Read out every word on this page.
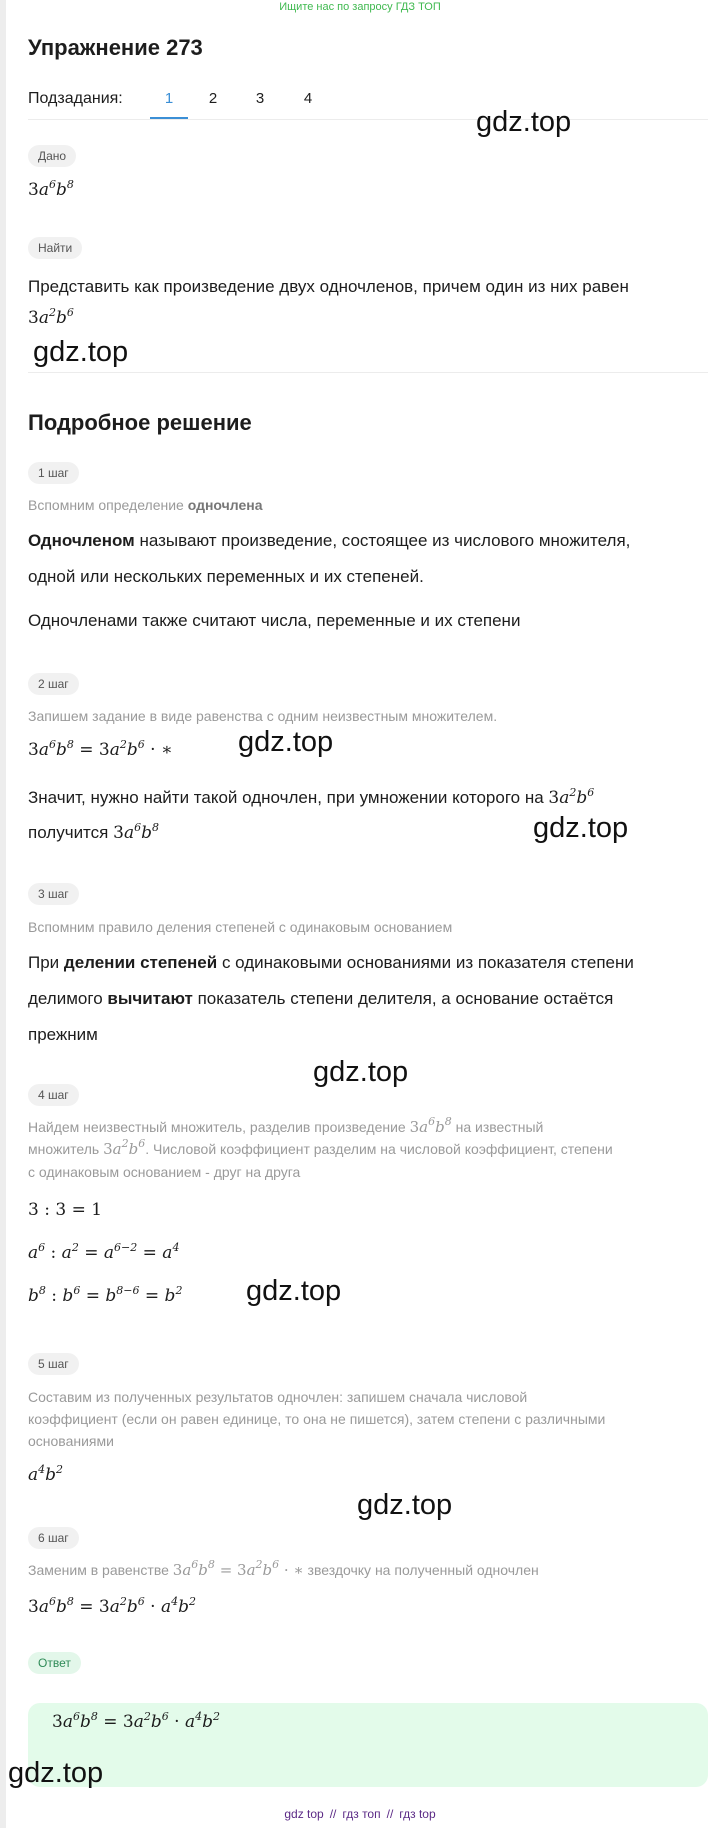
Ищите нас по запросу ГДЗ ТОП
Упражнение 273
Подзадания:	1	2	3	4
gdz.top
Дано
$3a^6b^8$
Найти
Представить как произведение двух одночленов, причем один из них равен
$3a^2b^6$
gdz.top
Подробное решение
1 шаг
Вспомним определение одночлена
Одночленом называют произведение, состоящее из числового множителя,
одной или нескольких переменных и их степеней.
Одночленами также считают числа, переменные и их степени
2 шаг
Запишем задание в виде равенства с одним неизвестным множителем.
$3a^6b^8 = 3a^2b^6$ · ∗ gdz.top
Значит, нужно найти такой одночлен, при умножении которого на $3a^2b^6$
получится $3a^6b^8$	gdz.top
3 шаг
Вспомним правило деления степеней с одинаковым основанием
При делении степеней с одинаковыми основаниями из показателя степени
делимого вычитают показатель степени делителя, а основание остаётся
прежним
gdz.top
4 шаг
Найдем неизвестный множитель, разделив произведение $3a^6b^8$ на известный
множитель $3a^2b^6$. Числовой коэффициент разделим на числовой коэффициент, степени
с одинаковым основанием - друг на друга
3 : 3 = 1
$a^6$ : $a^2 = a^{6-2} = a^4$
$b^8$ : $b^6 = b^{8-6} = b^2$ gdz.top
5 шаг
Составим из полученных результатов одночлен: запишем сначала числовой
коэффициент (если он равен единице, то она не пишется), затем степени с различными
основаниями
$a^4b^2$
gdz.top
6 шаг
Заменим в равенстве $3a^6b^8 = 3a^2b^6$ · ∗ звездочку на полученный одночлен
$3a^6b^8 = 3a^2b^6 \cdot a^4b^2$
Ответ
$3a^6b^8 = 3a^2b^6 \cdot a^4b^2$
gdz.top
gdz top // гдз топ // гдз top
